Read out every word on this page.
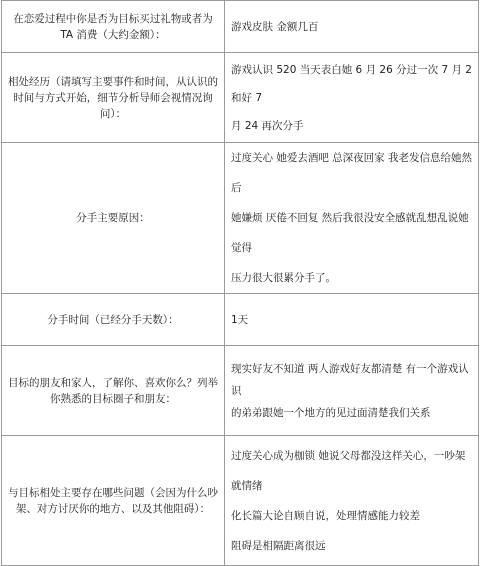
在恋爱过程中你是否为目标买过礼物或者为 TA 消费（大约金额）：	游戏皮肤 金额几百

相处经历（请填写主要事件和时间，从认识的时间与方式开始，细节分析导师会视情况询问）：	游戏认识 520 当天表白她 6 月 26 分过一次 7 月 2 和好 7
月 24 再次分手

分手主要原因：	过度关心 她爱去酒吧 总深夜回家 我老发信息给她然后
她嫌烦 厌倦不回复 然后我很没安全感就乱想乱说她觉得
压力很大很累分手了。

分手时间（已经分手天数）：	1天

目标的朋友和家人，了解你、喜欢你么？列举你熟悉的目标圈子和朋友：	现实好友不知道 两人游戏好友都清楚 有一个游戏认识
的弟弟跟她一个地方的见过面清楚我们关系

与目标相处主要存在哪些问题（会因为什么吵架、对方讨厌你的地方、以及其他阻碍）：	过度关心成为枷锁 她说父母都没这样关心，一吵架就情绪
化长篇大论自顾自说，处理情感能力较差
阻碍是相隔距离很远
